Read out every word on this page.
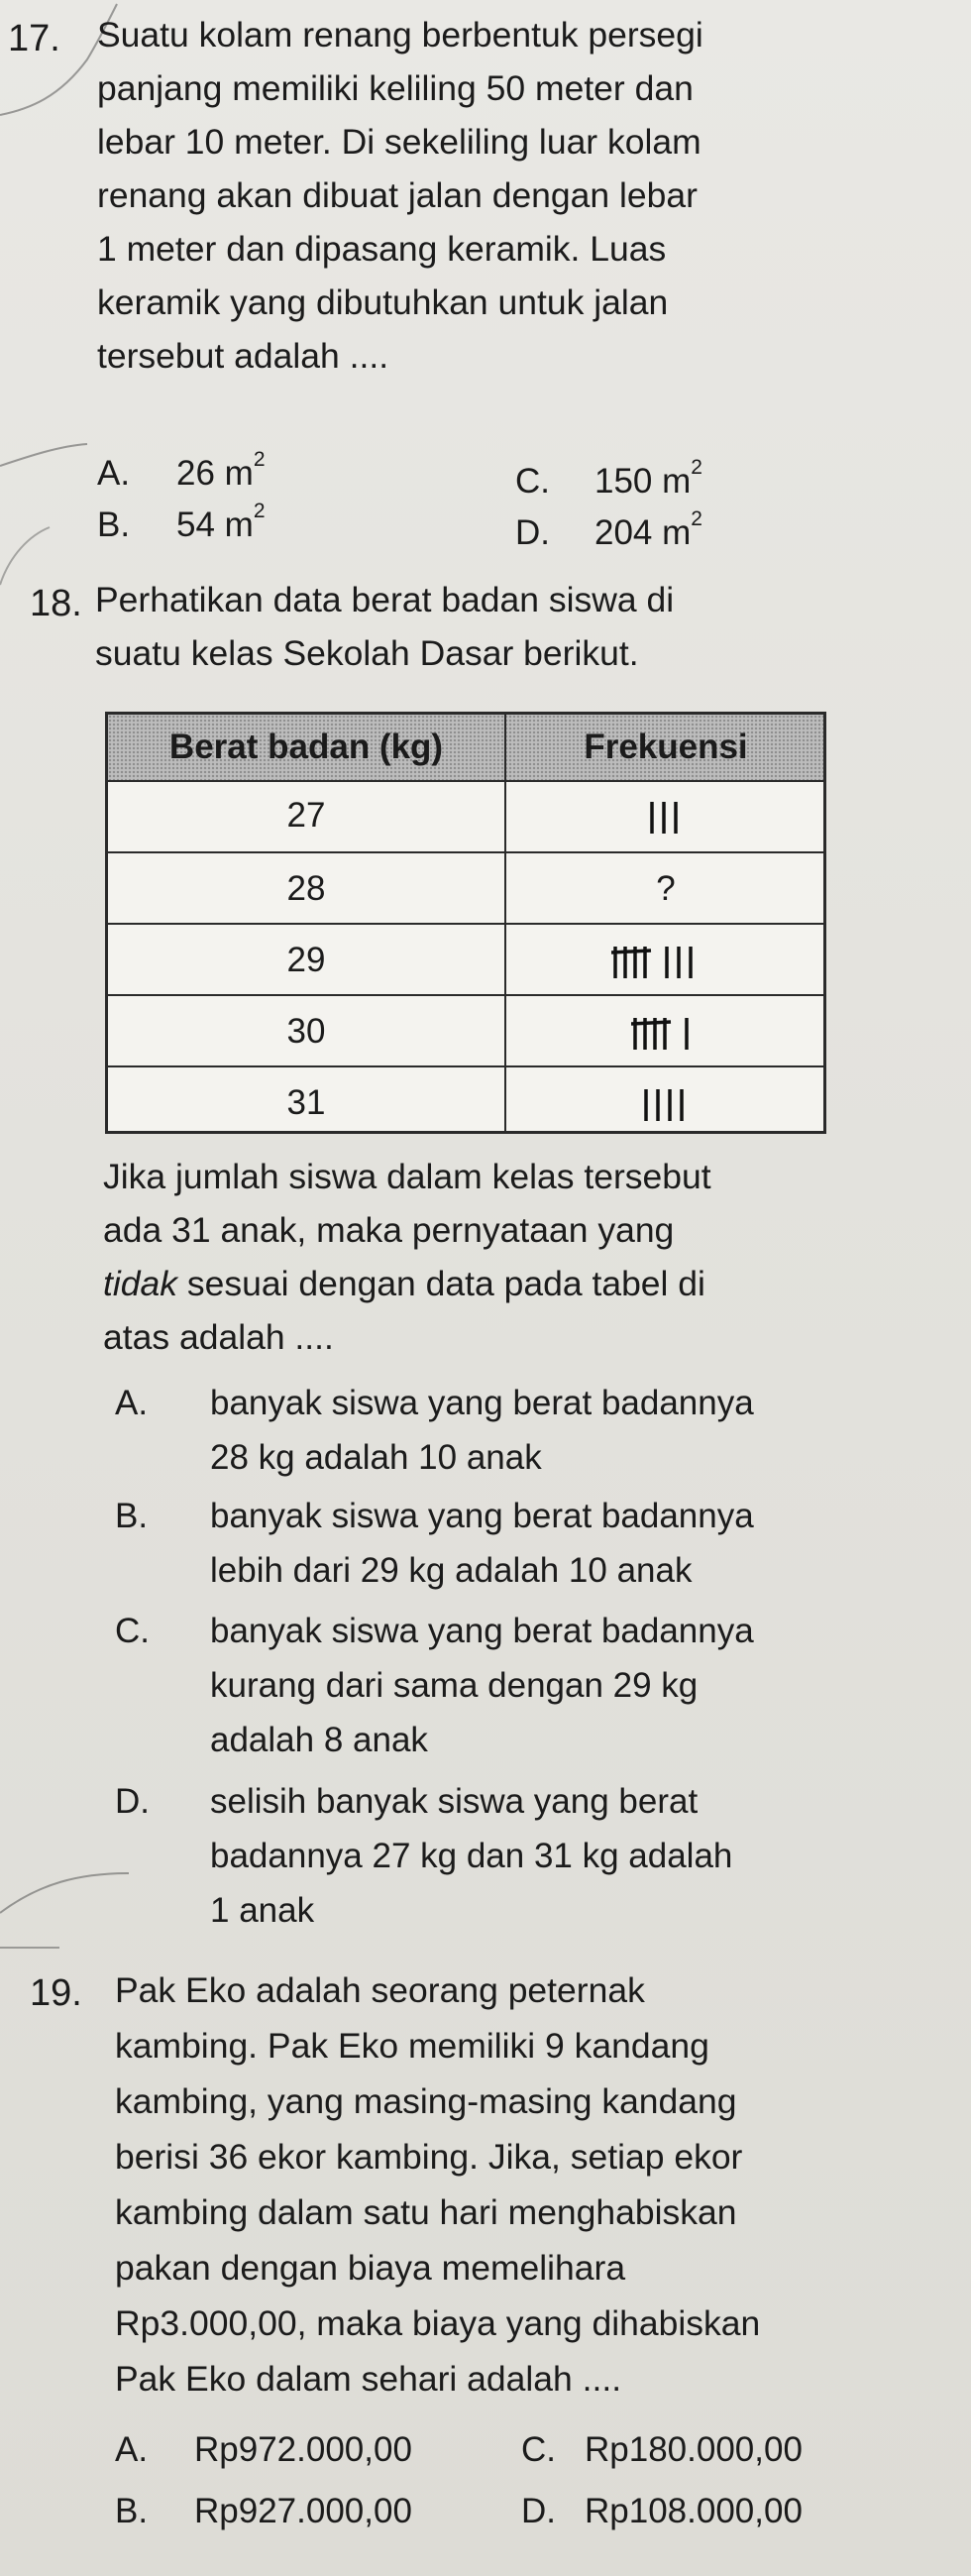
17. Suatu kolam renang berbentuk persegi
panjang memiliki keliling 50 meter dan
lebar 10 meter. Di sekeliling luar kolam
renang akan dibuat jalan dengan lebar
1 meter dan dipasang keramik. Luas
keramik yang dibutuhkan untuk jalan
tersebut adalah ....
A. 26 $m^2$
B. 54 $m^2$
C. 150 $m^2$
D. 204 $m^2$
18. Perhatikan data berat badan siswa di
suatu kelas Sekolah Dasar berikut.
Berat badan (kg)	Frekuensi
27
28	?
29
30
31
Jika jumlah siswa dalam kelas tersebut
ada 31 anak, maka pernyataan yang
tidak sesuai dengan data pada tabel di
atas adalah ....
A. banyak siswa yang berat badannya
28 kg adalah 10 anak
B. banyak siswa yang berat badannya
lebih dari 29 kg adalah 10 anak
C. banyak siswa yang berat badannya
kurang dari sama dengan 29 kg
adalah 8 anak
D. selisih banyak siswa yang berat
badannya 27 kg dan 31 kg adalah
1 anak
19. Pak Eko adalah seorang peternak
kambing. Pak Eko memiliki 9 kandang
kambing, yang masing-masing kandang
berisi 36 ekor kambing. Jika, setiap ekor
kambing dalam satu hari menghabiskan
pakan dengan biaya memelihara
Rp3.000,00, maka biaya yang dihabiskan
Pak Eko dalam sehari adalah ....
A. Rp972.000,00
B. Rp927.000,00
C. Rp180.000,00
D. Rp108.000,00
